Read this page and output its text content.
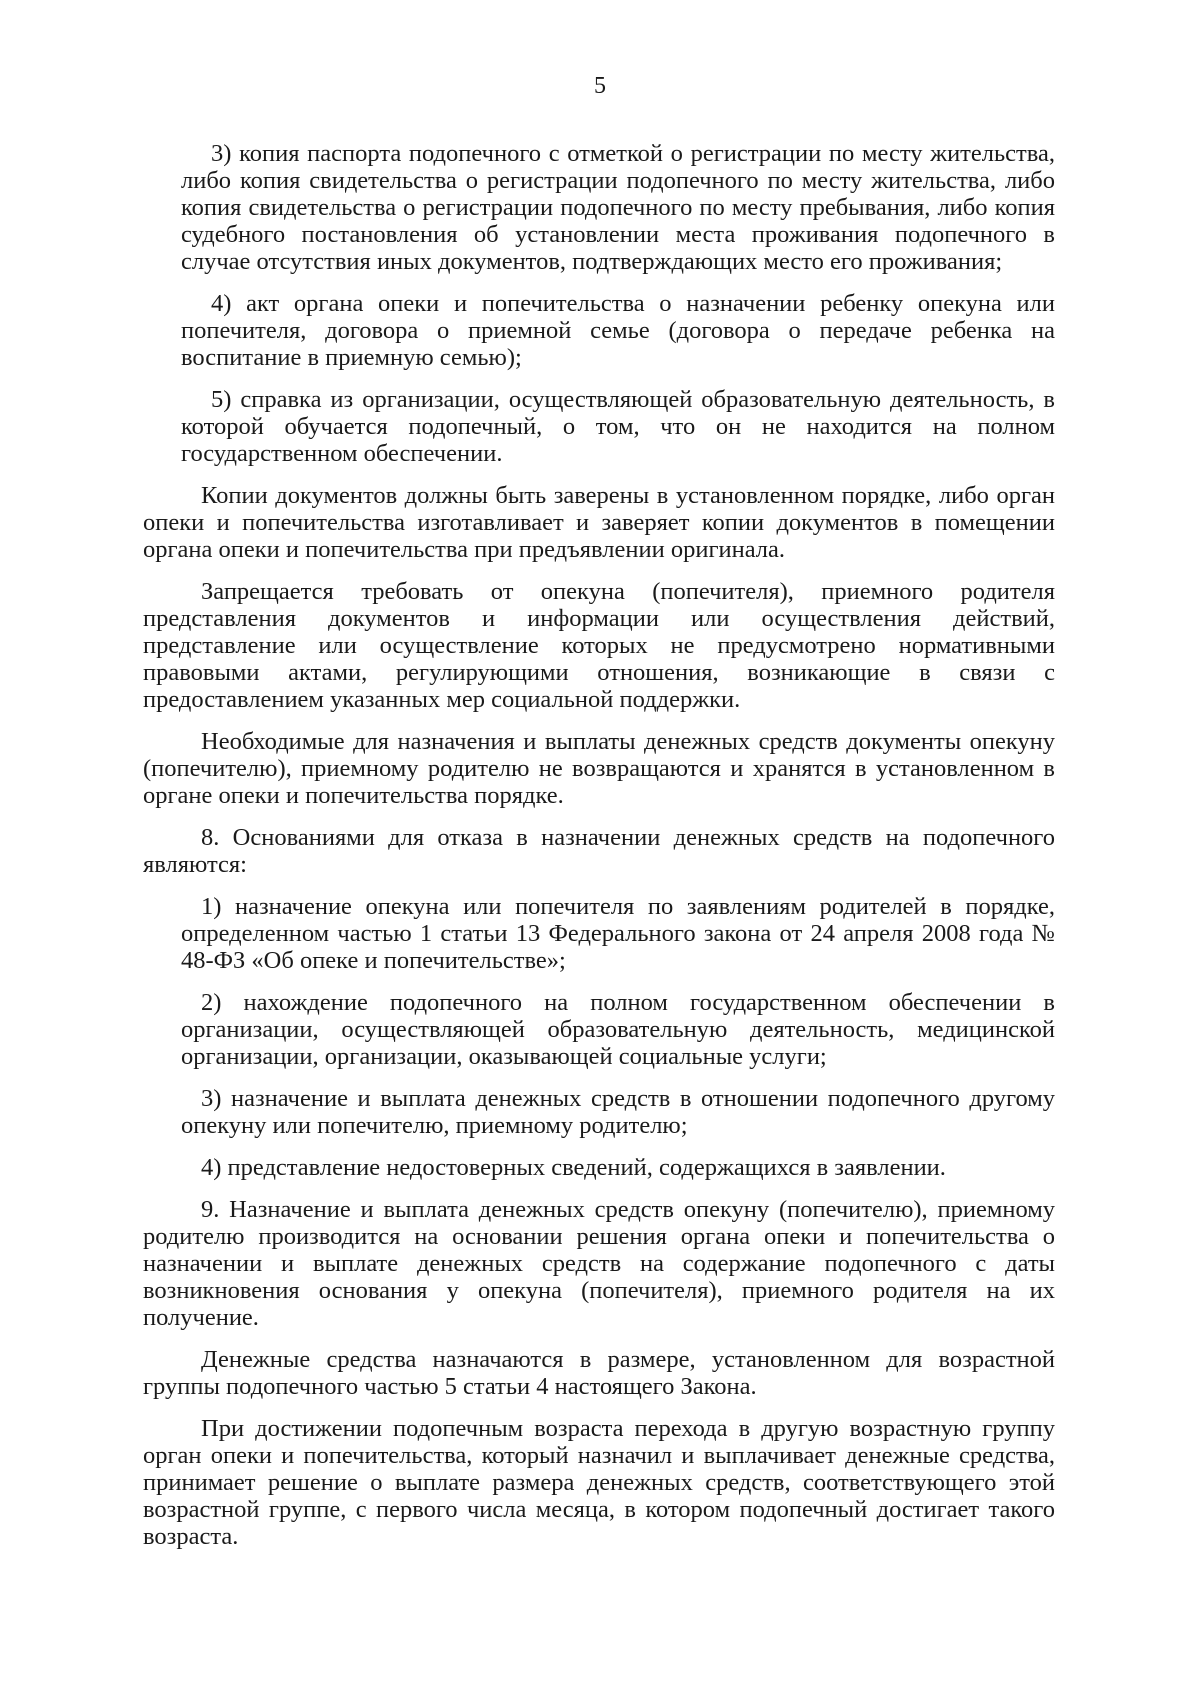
5

3) копия паспорта подопечного с отметкой о регистрации по месту жительства, либо копия свидетельства о регистрации подопечного по месту жительства, либо копия свидетельства о регистрации подопечного по месту пребывания, либо копия судебного постановления об установлении места проживания подопечного в случае отсутствия иных документов, подтверждающих место его проживания;

4) акт органа опеки и попечительства о назначении ребенку опекуна или попечителя, договора о приемной семье (договора о передаче ребенка на воспитание в приемную семью);

5) справка из организации, осуществляющей образовательную деятельность, в которой обучается подопечный, о том, что он не находится на полном государственном обеспечении.

Копии документов должны быть заверены в установленном порядке, либо орган опеки и попечительства изготавливает и заверяет копии документов в помещении органа опеки и попечительства при предъявлении оригинала.

Запрещается требовать от опекуна (попечителя), приемного родителя представления документов и информации или осуществления действий, представление или осуществление которых не предусмотрено нормативными правовыми актами, регулирующими отношения, возникающие в связи с предоставлением указанных мер социальной поддержки.

Необходимые для назначения и выплаты денежных средств документы опекуну (попечителю), приемному родителю не возвращаются и хранятся в установленном в органе опеки и попечительства порядке.

8. Основаниями для отказа в назначении денежных средств на подопечного являются:

1) назначение опекуна или попечителя по заявлениям родителей в порядке, определенном частью 1 статьи 13 Федерального закона от 24 апреля 2008 года № 48-ФЗ «Об опеке и попечительстве»;

2) нахождение подопечного на полном государственном обеспечении в организации, осуществляющей образовательную деятельность, медицинской организации, организации, оказывающей социальные услуги;

3) назначение и выплата денежных средств в отношении подопечного другому опекуну или попечителю, приемному родителю;

4) представление недостоверных сведений, содержащихся в заявлении.

9. Назначение и выплата денежных средств опекуну (попечителю), приемному родителю производится на основании решения органа опеки и попечительства о назначении и выплате денежных средств на содержание подопечного с даты возникновения основания у опекуна (попечителя), приемного родителя на их получение.

Денежные средства назначаются в размере, установленном для возрастной группы подопечного частью 5 статьи 4 настоящего Закона.

При достижении подопечным возраста перехода в другую возрастную группу орган опеки и попечительства, который назначил и выплачивает денежные средства, принимает решение о выплате размера денежных средств, соответствующего этой возрастной группе, с первого числа месяца, в котором подопечный достигает такого возраста.
